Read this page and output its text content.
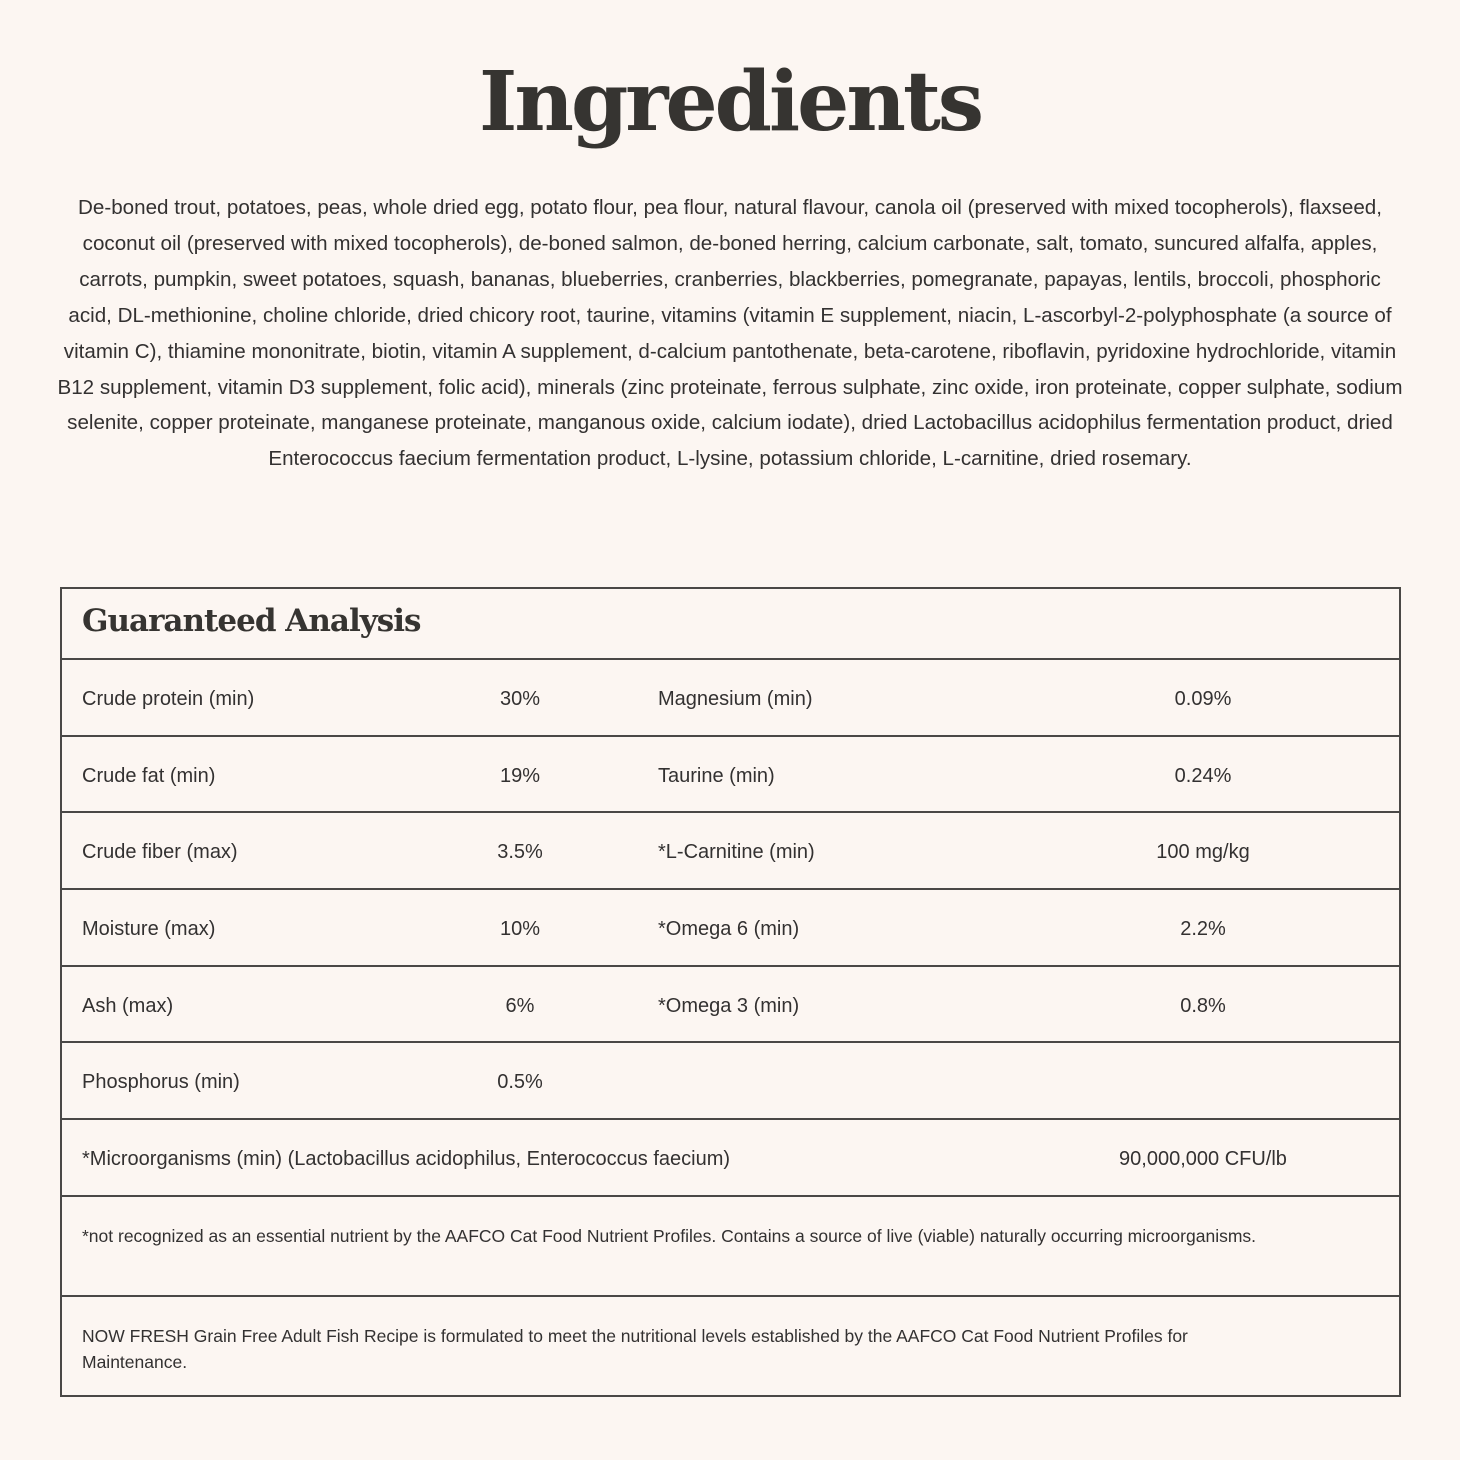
Ingredients

De-boned trout, potatoes, peas, whole dried egg, potato flour, pea flour, natural flavour, canola oil (preserved with mixed tocopherols), flaxseed, coconut oil (preserved with mixed tocopherols), de-boned salmon, de-boned herring, calcium carbonate, salt, tomato, suncured alfalfa, apples, carrots, pumpkin, sweet potatoes, squash, bananas, blueberries, cranberries, blackberries, pomegranate, papayas, lentils, broccoli, phosphoric acid, DL-methionine, choline chloride, dried chicory root, taurine, vitamins (vitamin E supplement, niacin, L-ascorbyl-2-polyphosphate (a source of vitamin C), thiamine mononitrate, biotin, vitamin A supplement, d-calcium pantothenate, beta-carotene, riboflavin, pyridoxine hydrochloride, vitamin B12 supplement, vitamin D3 supplement, folic acid), minerals (zinc proteinate, ferrous sulphate, zinc oxide, iron proteinate, copper sulphate, sodium selenite, copper proteinate, manganese proteinate, manganous oxide, calcium iodate), dried Lactobacillus acidophilus fermentation product, dried Enterococcus faecium fermentation product, L-lysine, potassium chloride, L-carnitine, dried rosemary.

Guaranteed Analysis
Crude protein (min)	30%	Magnesium (min)	0.09%
Crude fat (min)	19%	Taurine (min)	0.24%
Crude fiber (max)	3.5%	*L-Carnitine (min)	100 mg/kg
Moisture (max)	10%	*Omega 6 (min)	2.2%
Ash (max)	6%	*Omega 3 (min)	0.8%
Phosphorus (min)	0.5%
*Microorganisms (min) (Lactobacillus acidophilus, Enterococcus faecium)	90,000,000 CFU/lb
*not recognized as an essential nutrient by the AAFCO Cat Food Nutrient Profiles. Contains a source of live (viable) naturally occurring microorganisms.
NOW FRESH Grain Free Adult Fish Recipe is formulated to meet the nutritional levels established by the AAFCO Cat Food Nutrient Profiles for Maintenance.
